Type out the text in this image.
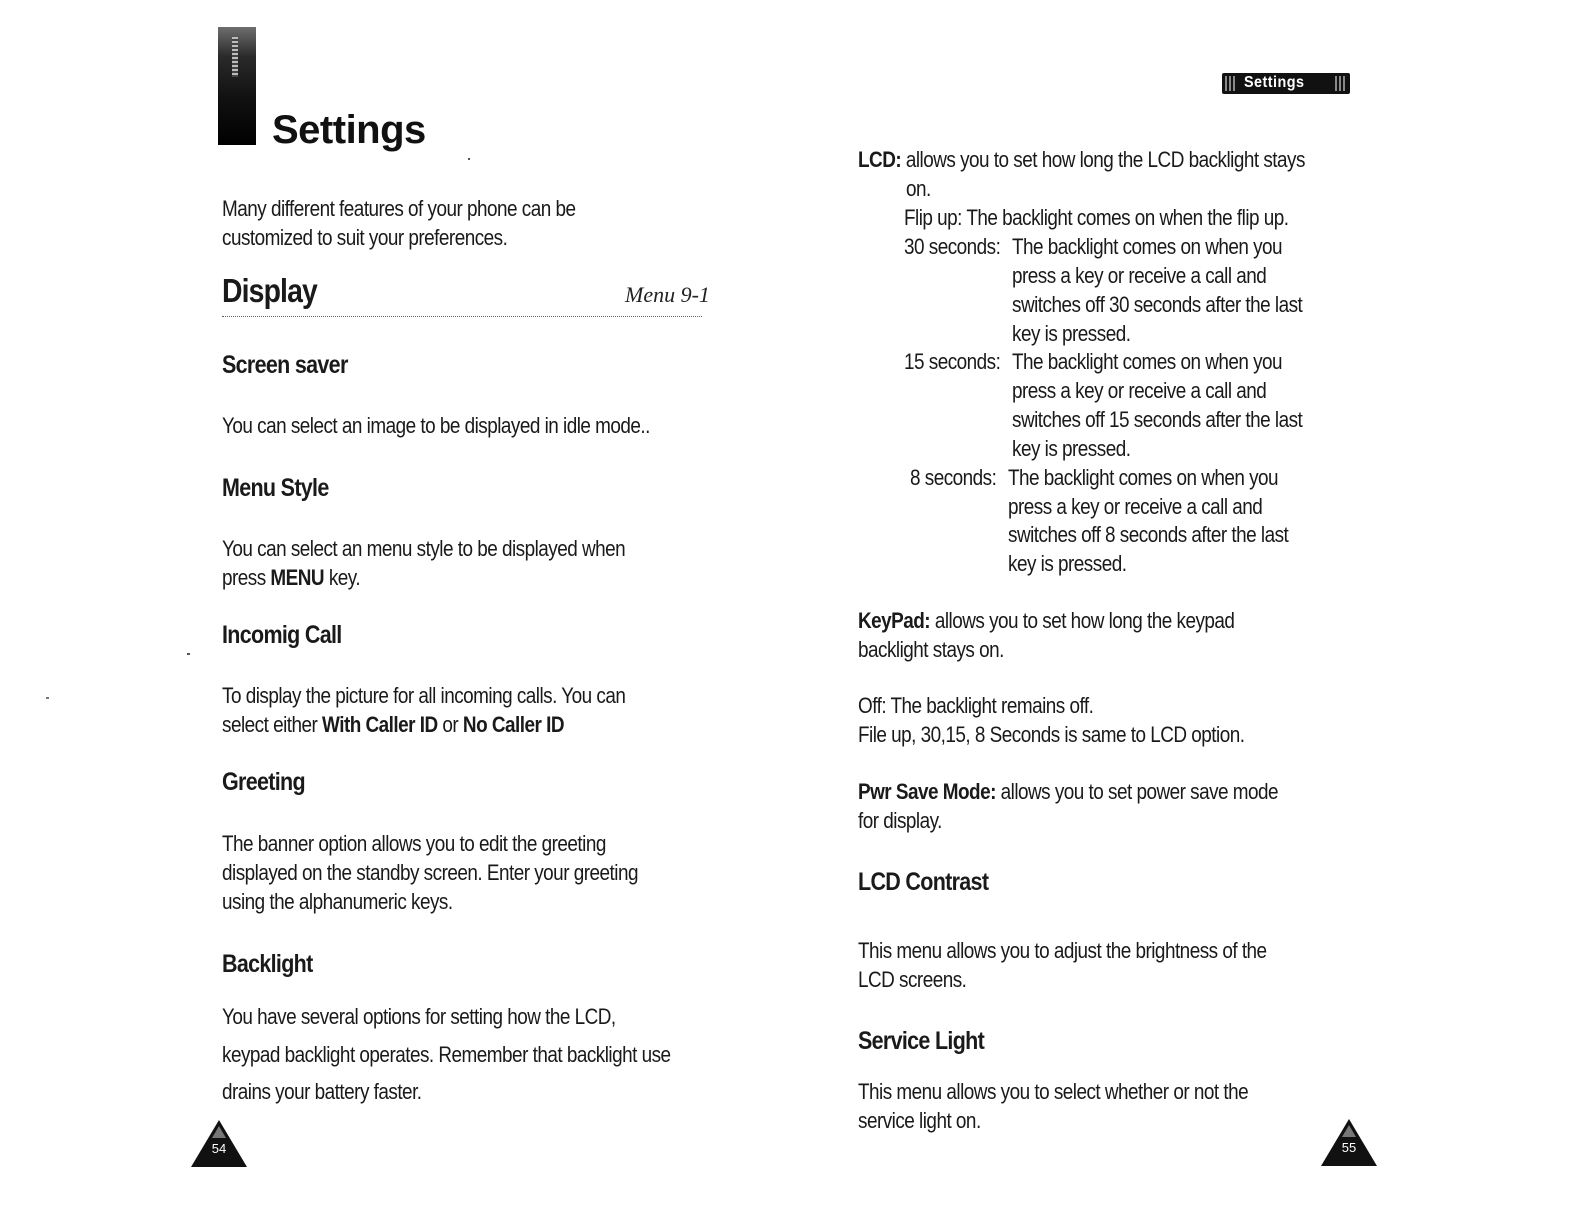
Settings
Many different features of your phone can be
customized to suit your preferences.
Display	Menu 9-1
Screen saver
You can select an image to be displayed in idle mode..
Menu Style
You can select an menu style to be displayed when
press MENU key.
Incomig Call
To display the picture for all incoming calls. You can
select either With Caller ID or No Caller ID
Greeting
The banner option allows you to edit the greeting
displayed on the standby screen. Enter your greeting
using the alphanumeric keys.
Backlight
You have several options for setting how the LCD,
keypad backlight operates. Remember that backlight use
drains your battery faster.
54
Settings
LCD: allows you to set how long the LCD backlight stays
on.
Flip up: The backlight comes on when the flip up.
30 seconds: The backlight comes on when you
press a key or receive a call and
switches off 30 seconds after the last
key is pressed.
15 seconds: The backlight comes on when you
press a key or receive a call and
switches off 15 seconds after the last
key is pressed.
8 seconds: The backlight comes on when you
press a key or receive a call and
switches off 8 seconds after the last
key is pressed.
KeyPad: allows you to set how long the keypad
backlight stays on.
Off: The backlight remains off.
File up, 30,15, 8 Seconds is same to LCD option.
Pwr Save Mode: allows you to set power save mode
for display.
LCD Contrast
This menu allows you to adjust the brightness of the
LCD screens.
Service Light
This menu allows you to select whether or not the
service light on.
55
